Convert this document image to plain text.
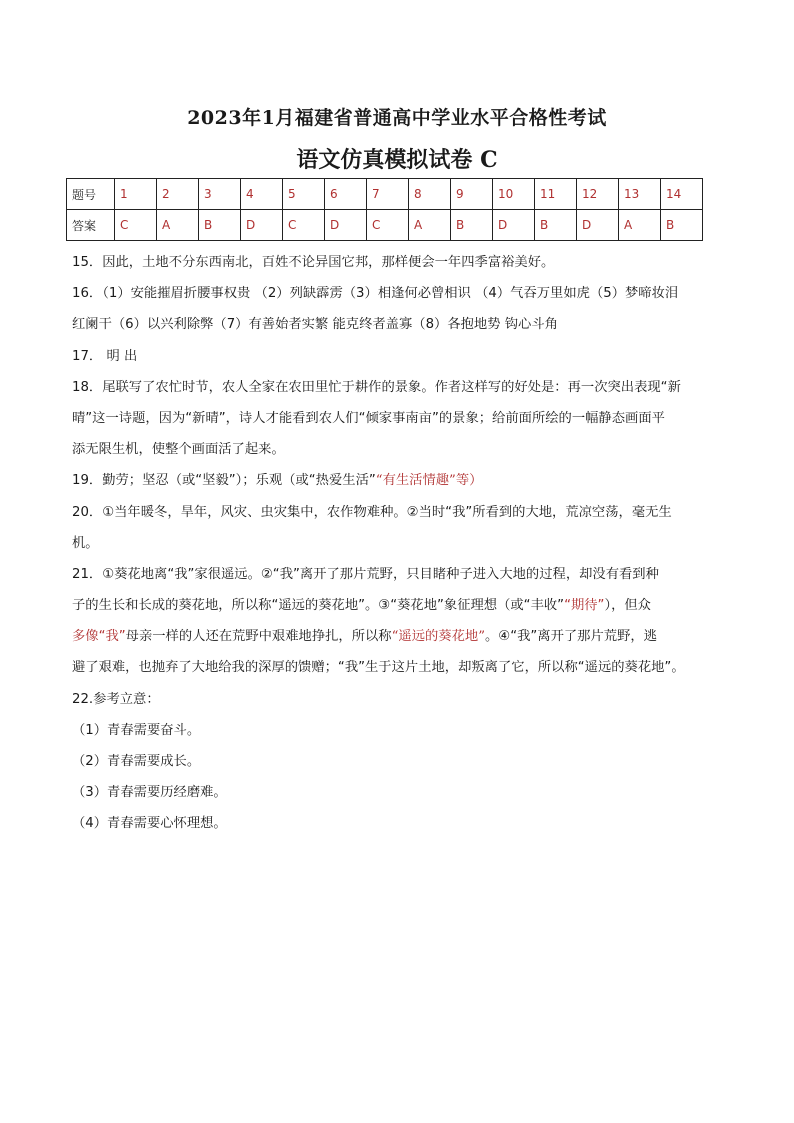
2023年1月福建省普通高中学业水平合格性考试
语文仿真模拟试卷 C
题号	1	2	3	4	5	6	7	8	9	10	11	12	13	14
答案	C	A	B	D	C	D	C	A	B	D	B	D	A	B
15．因此，土地不分东西南北，百姓不论异国它邦，那样便会一年四季富裕美好。
16．（1）安能摧眉折腰事权贵 （2）列缺霹雳（3）相逢何必曾相识 （4）气吞万里如虎（5）梦啼妆泪
红阑干（6）以兴利除弊（7）有善始者实繁 能克终者盖寡（8）各抱地势 钩心斗角
17． 明 出
18．尾联写了农忙时节，农人全家在农田里忙于耕作的景象。作者这样写的好处是：再一次突出表现“新
晴”这一诗题，因为“新晴”，诗人才能看到农人们“倾家事南亩”的景象；给前面所绘的一幅静态画面平
添无限生机，使整个画面活了起来。
19．勤劳；坚忍（或“坚毅”）；乐观（或“热爱生活”“有生活情趣”等）
20．①当年暖冬，旱年，风灾、虫灾集中，农作物难种。②当时“我”所看到的大地，荒凉空荡，毫无生
机。
21．①葵花地离“我”家很遥远。②“我”离开了那片荒野，只目睹种子进入大地的过程，却没有看到种
子的生长和长成的葵花地，所以称“遥远的葵花地”。③“葵花地”象征理想（或“丰收”“期待”），但众
多像“我”母亲一样的人还在荒野中艰难地挣扎，所以称“遥远的葵花地”。④“我”离开了那片荒野，逃
避了艰难，也抛弃了大地给我的深厚的馈赠；“我”生于这片土地，却叛离了它，所以称“遥远的葵花地”。
22.参考立意：
（1）青春需要奋斗。
（2）青春需要成长。
（3）青春需要历经磨难。
（4）青春需要心怀理想。
